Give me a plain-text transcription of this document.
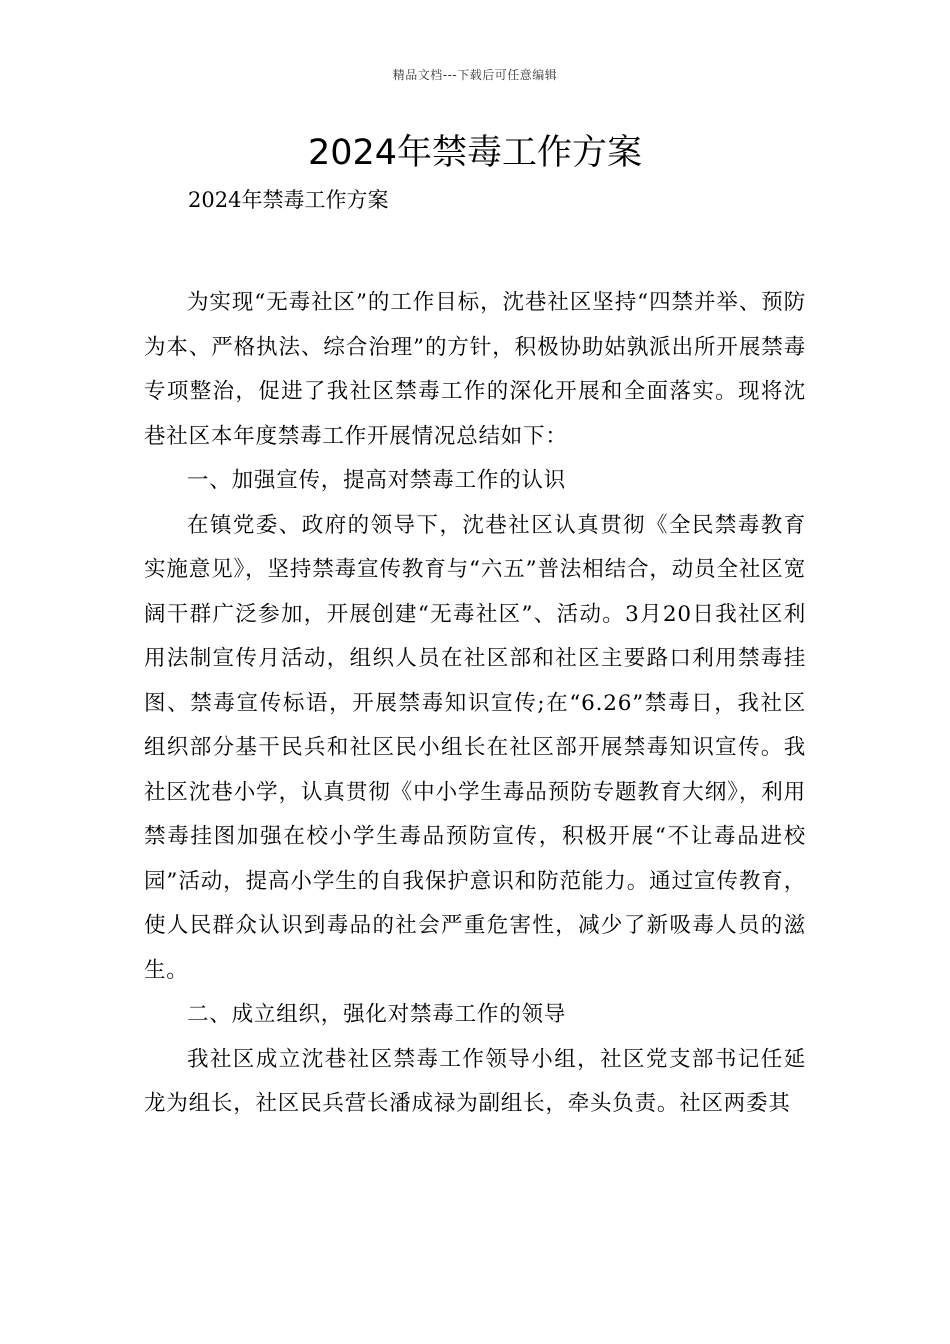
精品文档---下载后可任意编辑
2024年禁毒工作方案
2024年禁毒工作方案

为实现“无毒社区”的工作目标，沈巷社区坚持“四禁并举、预防为本、严格执法、综合治理”的方针，积极协助姑孰派出所开展禁毒专项整治，促进了我社区禁毒工作的深化开展和全面落实。现将沈巷社区本年度禁毒工作开展情况总结如下：

一、加强宣传，提高对禁毒工作的认识

在镇党委、政府的领导下，沈巷社区认真贯彻《全民禁毒教育实施意见》，坚持禁毒宣传教育与“六五”普法相结合，动员全社区宽阔干群广泛参加，开展创建“无毒社区”、活动。3月20日我社区利用法制宣传月活动，组织人员在社区部和社区主要路口利用禁毒挂图、禁毒宣传标语，开展禁毒知识宣传;在“6.26”禁毒日，我社区组织部分基干民兵和社区民小组长在社区部开展禁毒知识宣传。我社区沈巷小学，认真贯彻《中小学生毒品预防专题教育大纲》，利用禁毒挂图加强在校小学生毒品预防宣传，积极开展“不让毒品进校园”活动，提高小学生的自我保护意识和防范能力。通过宣传教育，使人民群众认识到毒品的社会严重危害性，减少了新吸毒人员的滋生。

二、成立组织，强化对禁毒工作的领导

我社区成立沈巷社区禁毒工作领导小组，社区党支部书记任延龙为组长，社区民兵营长潘成禄为副组长，牵头负责。社区两委其
